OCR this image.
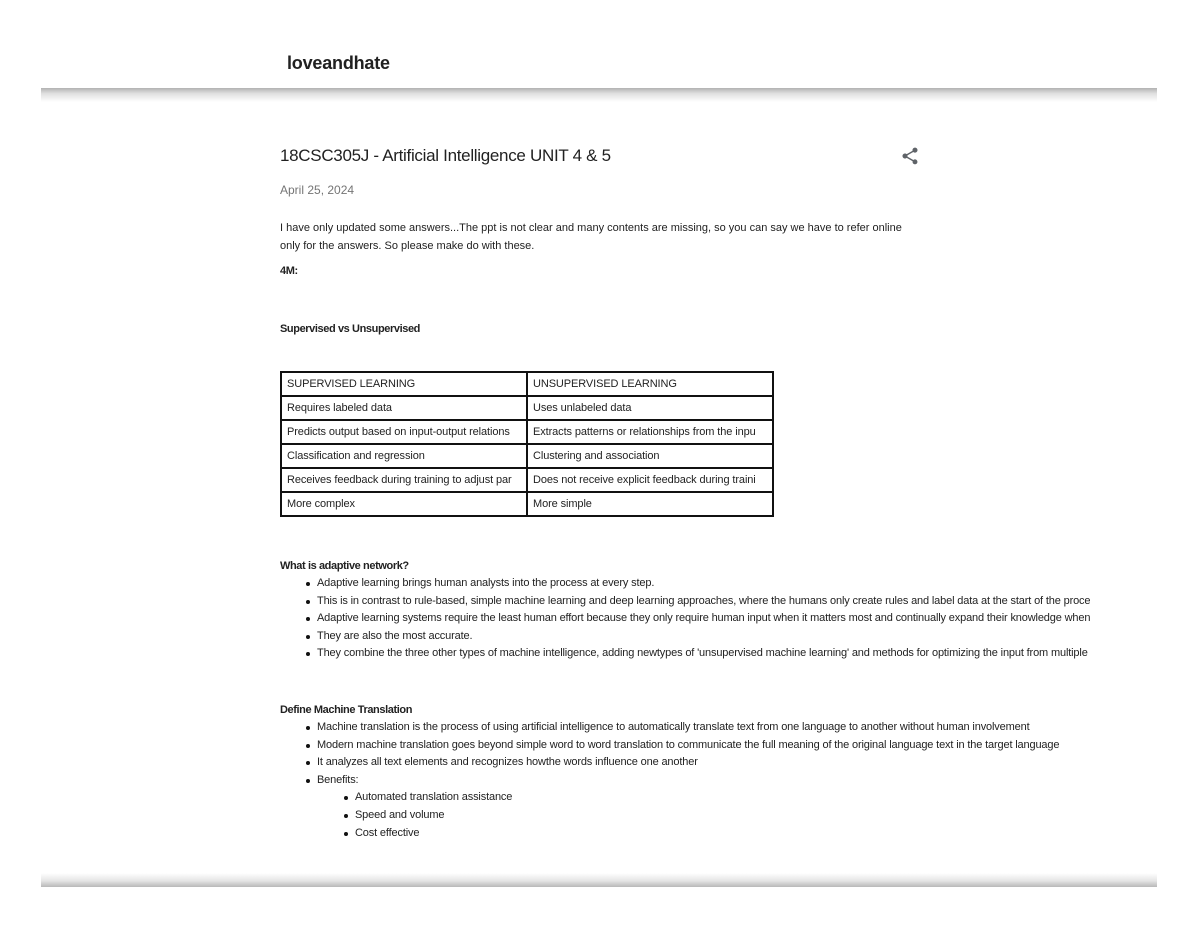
loveandhate
18CSC305J - Artificial Intelligence UNIT 4 & 5
April 25, 2024

I have only updated some answers...The ppt is not clear and many contents are missing, so you can say we have to refer online only for the answers. So please make do with these.

4M:

Supervised vs Unsupervised

SUPERVISED LEARNING	UNSUPERVISED LEARNING
Requires labeled data	Uses unlabeled data
Predicts output based on input-output relations	Extracts patterns or relationships from the inpu
Classification and regression	Clustering and association
Receives feedback during training to adjust par	Does not receive explicit feedback during traini
More complex	More simple

What is adaptive network?

Adaptive learning brings human analysts into the process at every step.
This is in contrast to rule-based, simple machine learning and deep learning approaches, where the humans only create rules and label data at the start of the proce
Adaptive learning systems require the least human effort because they only require human input when it matters most and continually expand their knowledge when
They are also the most accurate.
They combine the three other types of machine intelligence, adding newtypes of 'unsupervised machine learning' and methods for optimizing the input from multiple

Define Machine Translation

Machine translation is the process of using artificial intelligence to automatically translate text from one language to another without human involvement
Modern machine translation goes beyond simple word to word translation to communicate the full meaning of the original language text in the target language
It analyzes all text elements and recognizes howthe words influence one another
Benefits:
Automated translation assistance
Speed and volume
Cost effective
